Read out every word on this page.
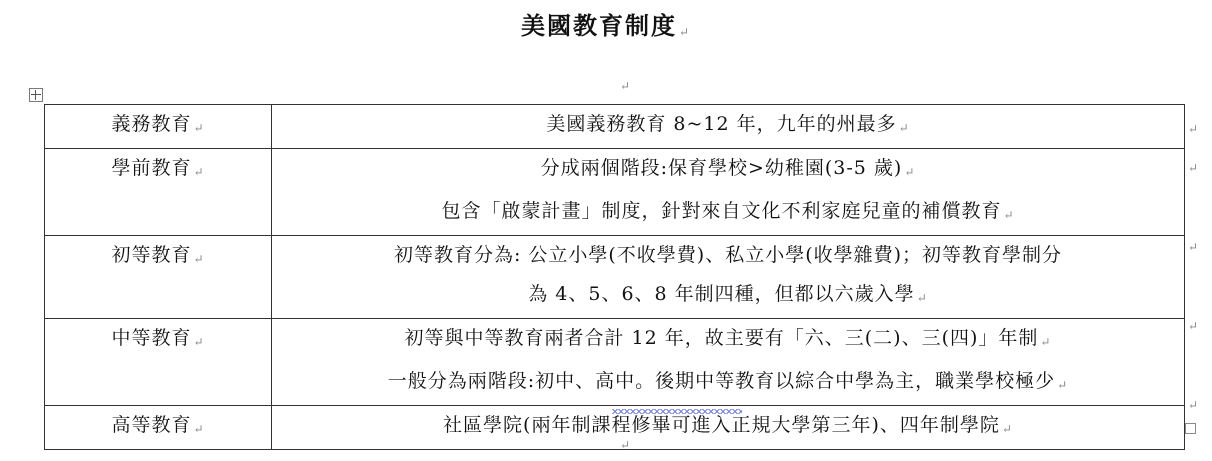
美國教育制度 ↵
↵
義務教育 ↵	美國義務教育 8~12 年，九年的州最多 ↵

學前教育 ↵	分成兩個階段:保育學校>幼稚園(3-5 歲) ↵
包含「啟蒙計畫」制度，針對來自文化不利家庭兒童的補償教育 ↵

初等教育 ↵	初等教育分為: 公立小學(不收學費)、私立小學(收學雜費)；初等教育學制分
為 4、5、6、8 年制四種，但都以六歲入學 ↵

中等教育 ↵	初等與中等教育兩者合計 12 年，故主要有「六、三(二)、三(四)」年制 ↵
一般分為兩階段:初中、高中。後期中等教育以綜合中學為主，職業學校極少 ↵

高等教育 ↵	社區學院(兩年制課程修畢可進入正規大學第三年)、四年制學院 ↵
↵
↵
↵
↵
↵
↵
